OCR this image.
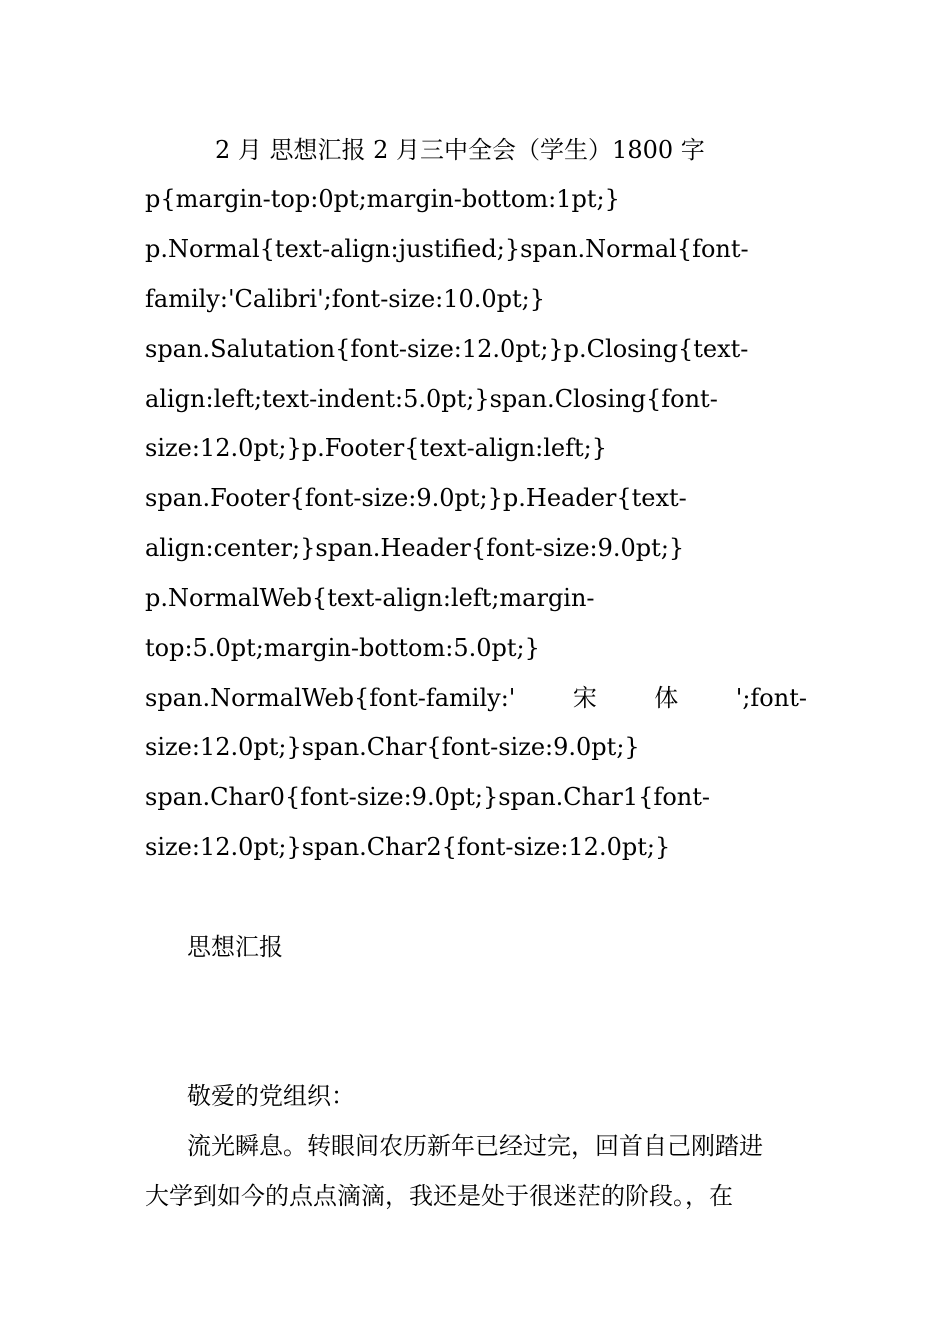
2 月 思想汇报 2 月三中全会（学生）1800 字
p{margin-top:0pt;margin-bottom:1pt;}
p.Normal{text-align:justified;}span.Normal{font-
family:'Calibri';font-size:10.0pt;}
span.Salutation{font-size:12.0pt;}p.Closing{text-
align:left;text-indent:5.0pt;}span.Closing{font-
size:12.0pt;}p.Footer{text-align:left;}
span.Footer{font-size:9.0pt;}p.Header{text-
align:center;}span.Header{font-size:9.0pt;}
p.NormalWeb{text-align:left;margin-
top:5.0pt;margin-bottom:5.0pt;}
span.NormalWeb{font-family:' 宋 体 ';font-
size:12.0pt;}span.Char{font-size:9.0pt;}
span.Char0{font-size:9.0pt;}span.Char1{font-
size:12.0pt;}span.Char2{font-size:12.0pt;}
思想汇报
敬爱的党组织：
流光瞬息。转眼间农历新年已经过完，回首自己刚踏进
大学到如今的点点滴滴，我还是处于很迷茫的阶段。，在
